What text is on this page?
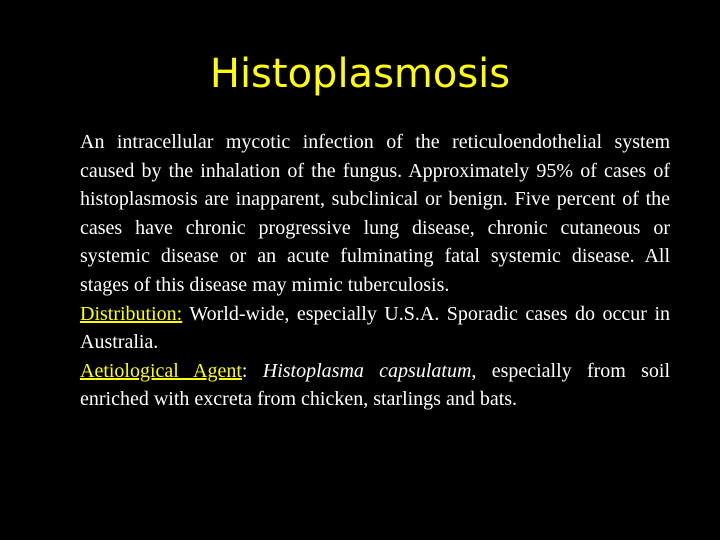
Histoplasmosis

An intracellular mycotic infection of the reticuloendothelial system caused by the inhalation of the fungus. Approximately 95% of cases of histoplasmosis are inapparent, subclinical or benign. Five percent of the cases have chronic progressive lung disease, chronic cutaneous or systemic disease or an acute fulminating fatal systemic disease. All stages of this disease may mimic tuberculosis.

Distribution: World-wide, especially U.S.A. Sporadic cases do occur in Australia.

Aetiological Agent: Histoplasma capsulatum, especially from soil enriched with excreta from chicken, starlings and bats.
